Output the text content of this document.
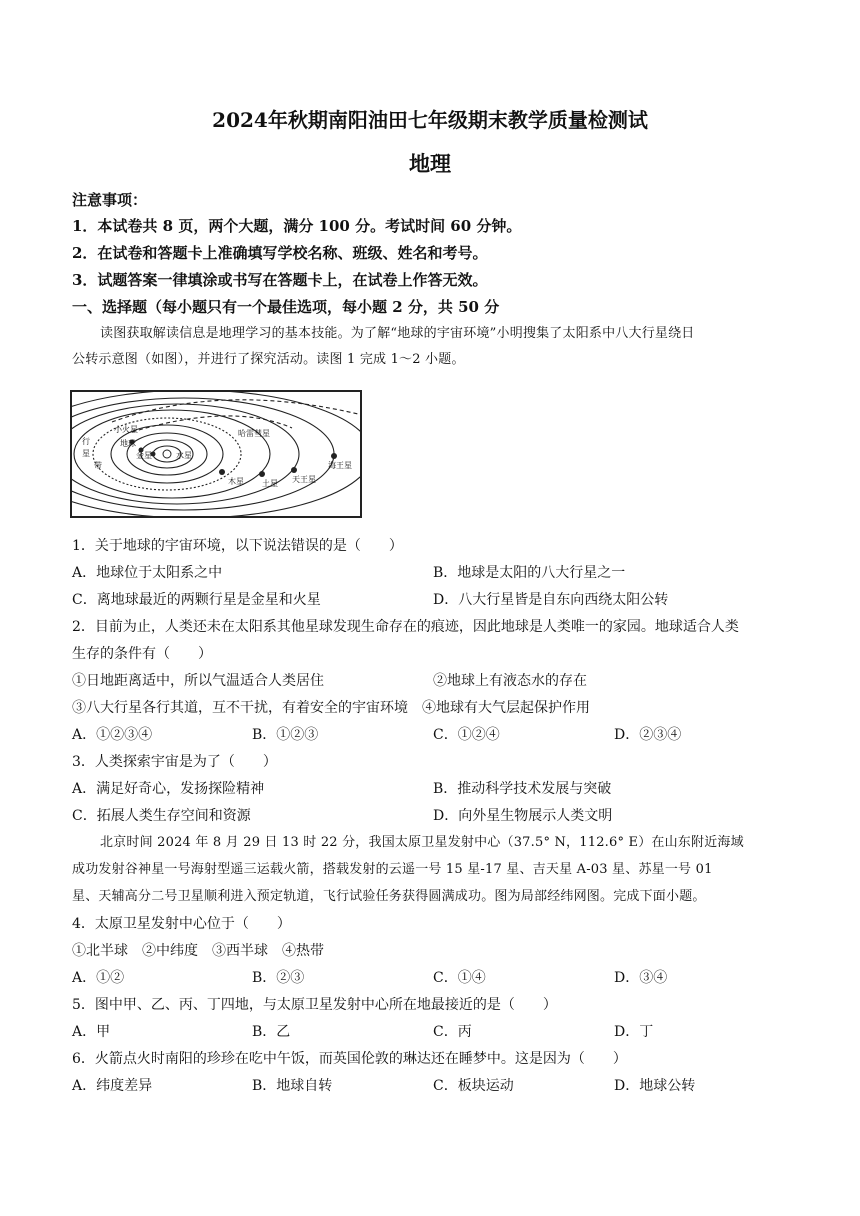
2024年秋期南阳油田七年级期末教学质量检测试
地理
注意事项：
1．本试卷共 8 页，两个大题，满分 100 分。考试时间 60 分钟。
2．在试卷和答题卡上准确填写学校名称、班级、姓名和考号。
3．试题答案一律填涂或书写在答题卡上，在试卷上作答无效。
一、选择题（每小题只有一个最佳选项，每小题 2 分，共 50 分
读图获取解读信息是地理学习的基本技能。为了解“地球的宇宙环境”小明搜集了太阳系中八大行星绕日
公转示意图（如图），并进行了探究活动。读图 1 完成 1～2 小题。
小火星
行
星
带
地球
金星	水星
哈雷彗星
木星 土星 天王星
海王星
1．关于地球的宇宙环境，以下说法错误的是（　　）
A．地球位于太阳系之中	B．地球是太阳的八大行星之一
C．离地球最近的两颗行星是金星和火星	D．八大行星皆是自东向西绕太阳公转
2．目前为止，人类还未在太阳系其他星球发现生命存在的痕迹，因此地球是人类唯一的家园。地球适合人类
生存的条件有（　　）
①日地距离适中，所以气温适合人类居住	②地球上有液态水的存在
③八大行星各行其道，互不干扰，有着安全的宇宙环境　④地球有大气层起保护作用
A．①②③④	B．①②③	C．①②④	D．②③④
3．人类探索宇宙是为了（　　）
A．满足好奇心，发扬探险精神	B．推动科学技术发展与突破
C．拓展人类生存空间和资源	D．向外星生物展示人类文明
北京时间 2024 年 8 月 29 日 13 时 22 分，我国太原卫星发射中心（37.5° N，112.6° E）在山东附近海域
成功发射谷神星一号海射型遥三运载火箭，搭载发射的云遥一号 15 星-17 星、吉天星 A-03 星、苏星一号 01
星、天辅高分二号卫星顺利进入预定轨道，飞行试验任务获得圆满成功。图为局部经纬网图。完成下面小题。
4．太原卫星发射中心位于（　　）
①北半球　②中纬度　③西半球　④热带
A．①②	B．②③	C．①④	D．③④
5．图中甲、乙、丙、丁四地，与太原卫星发射中心所在地最接近的是（　　）
A．甲	B．乙	C．丙	D．丁
6．火箭点火时南阳的珍珍在吃中午饭，而英国伦敦的琳达还在睡梦中。这是因为（　　）
A．纬度差异	B．地球自转	C．板块运动	D．地球公转
